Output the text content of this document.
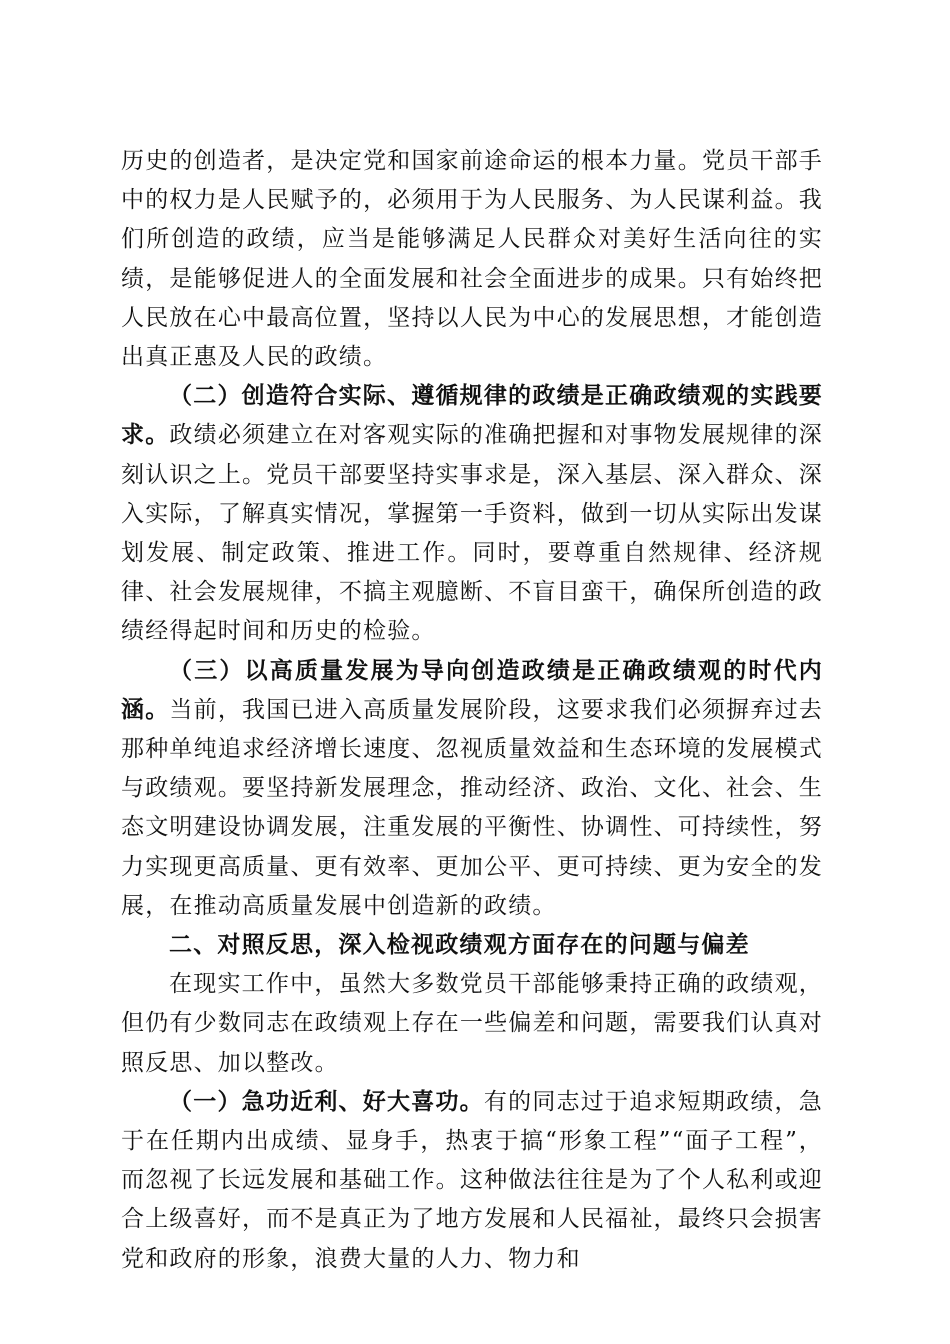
历史的创造者，是决定党和国家前途命运的根本力量。党员干部手中的权力是人民赋予的，必须用于为人民服务、为人民谋利益。我们所创造的政绩，应当是能够满足人民群众对美好生活向往的实绩，是能够促进人的全面发展和社会全面进步的成果。只有始终把人民放在心中最高位置，坚持以人民为中心的发展思想，才能创造出真正惠及人民的政绩。

（二）创造符合实际、遵循规律的政绩是正确政绩观的实践要求。政绩必须建立在对客观实际的准确把握和对事物发展规律的深刻认识之上。党员干部要坚持实事求是，深入基层、深入群众、深入实际，了解真实情况，掌握第一手资料，做到一切从实际出发谋划发展、制定政策、推进工作。同时，要尊重自然规律、经济规律、社会发展规律，不搞主观臆断、不盲目蛮干，确保所创造的政绩经得起时间和历史的检验。

（三）以高质量发展为导向创造政绩是正确政绩观的时代内涵。当前，我国已进入高质量发展阶段，这要求我们必须摒弃过去那种单纯追求经济增长速度、忽视质量效益和生态环境的发展模式与政绩观。要坚持新发展理念，推动经济、政治、文化、社会、生态文明建设协调发展，注重发展的平衡性、协调性、可持续性，努力实现更高质量、更有效率、更加公平、更可持续、更为安全的发展，在推动高质量发展中创造新的政绩。

二、对照反思，深入检视政绩观方面存在的问题与偏差

在现实工作中，虽然大多数党员干部能够秉持正确的政绩观，但仍有少数同志在政绩观上存在一些偏差和问题，需要我们认真对照反思、加以整改。

（一）急功近利、好大喜功。有的同志过于追求短期政绩，急于在任期内出成绩、显身手，热衷于搞“形象工程”“面子工程”，而忽视了长远发展和基础工作。这种做法往往是为了个人私利或迎合上级喜好，而不是真正为了地方发展和人民福祉，最终只会损害党和政府的形象，浪费大量的人力、物力和
